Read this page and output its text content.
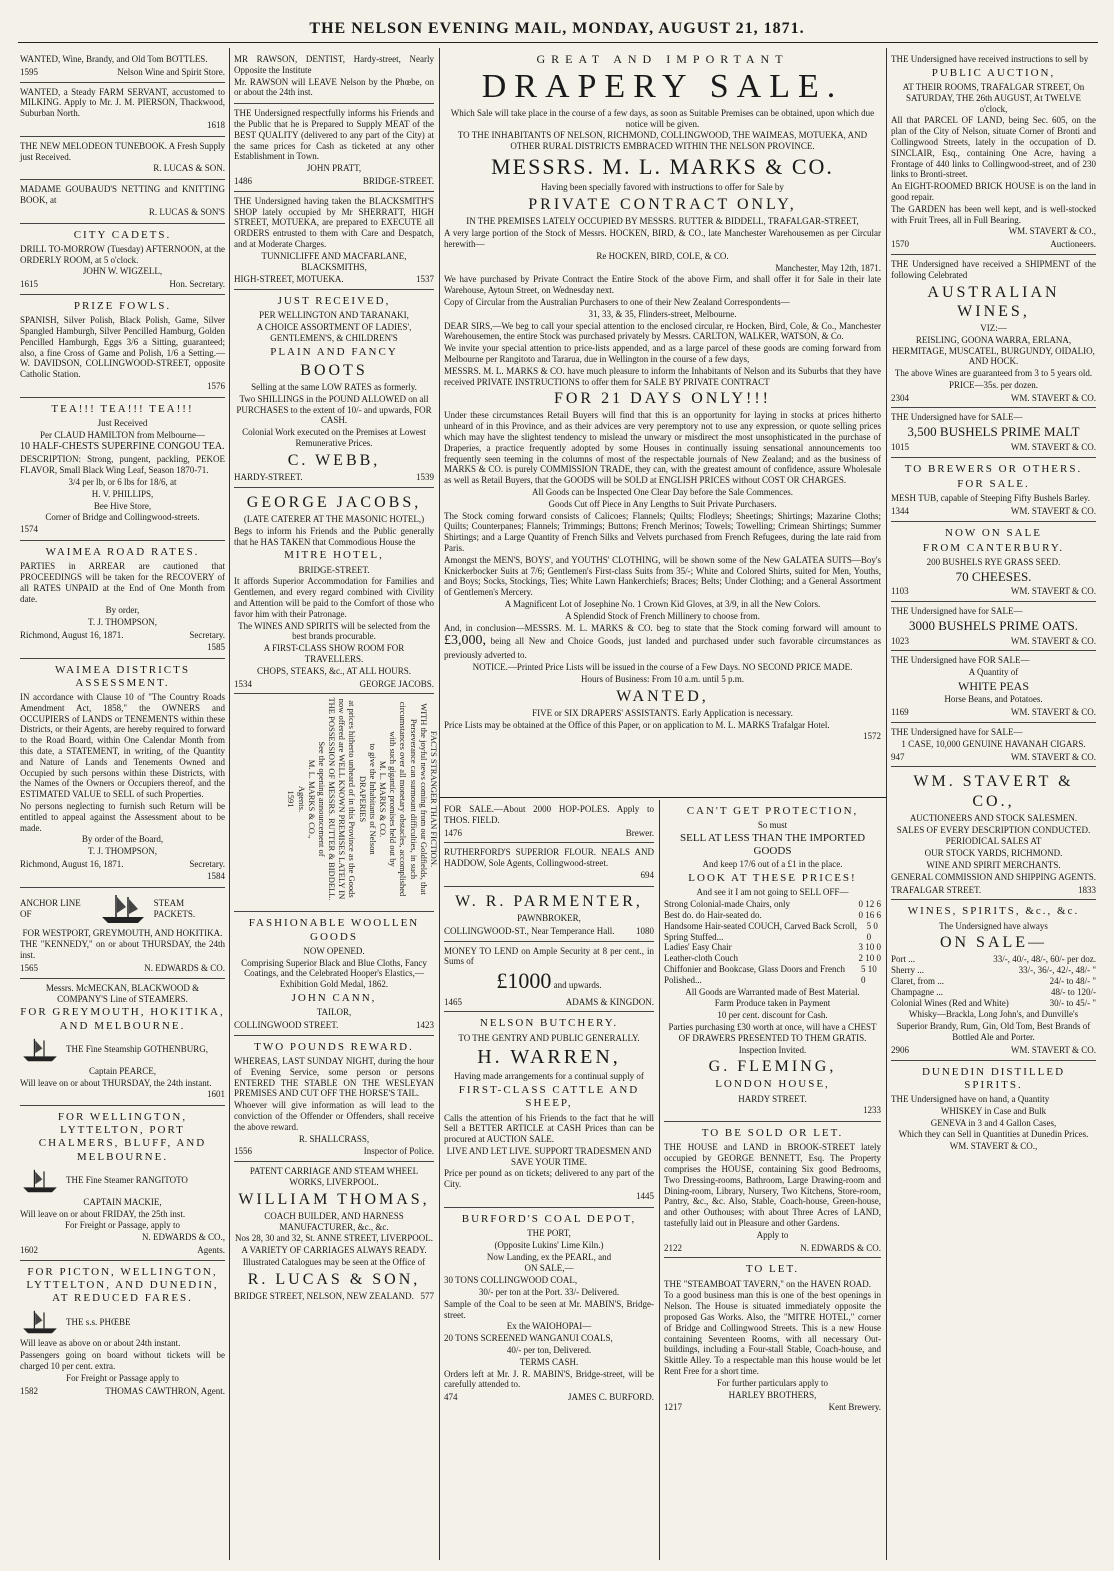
THE NELSON EVENING MAIL, MONDAY, AUGUST 21, 1871.
WANTED, Wine, Brandy, and Old Tom BOTTLES.
1595	Nelson Wine and Spirit Store.
WANTED, a Steady FARM SERVANT, accustomed to MILKING. Apply to Mr. J. M. PIERSON, Thackwood, Suburban North.
1618
THE NEW MELODEON TUNEBOOK. A Fresh Supply just Received.
R. LUCAS & SON.
MADAME GOUBAUD'S NETTING and KNITTING BOOK, at
R. LUCAS & SON'S
CITY CADETS.
DRILL TO-MORROW (Tuesday) AFTERNOON, at the ORDERLY ROOM, at 5 o'clock.
JOHN W. WIGZELL,
1615	Hon. Secretary.
PRIZE FOWLS.
SPANISH, Silver Polish, Black Polish, Game, Silver Spangled Hamburgh, Silver Pencilled Hamburg, Golden Pencilled Hamburgh, Eggs 3/6 a Sitting, guaranteed; also, a fine Cross of Game and Polish, 1/6 a Setting.—W. DAVIDSON, COLLINGWOOD-STREET, opposite Catholic Station.
1576
TEA!!! TEA!!! TEA!!!
Just Received
Per CLAUD HAMILTON from Melbourne—
10 HALF-CHESTS SUPERFINE CONGOU TEA.
DESCRIPTION: Strong, pungent, packling, PEKOE FLAVOR, Small Black Wing Leaf, Season 1870-71.
3/4 per lb, or 6 lbs for 18/6, at
H. V. PHILLIPS,
Bee Hive Store,
Corner of Bridge and Collingwood-streets.
1574
WAIMEA ROAD RATES.
PARTIES in ARREAR are cautioned that PROCEEDINGS will be taken for the RECOVERY of all RATES UNPAID at the End of One Month from date.
By order,
T. J. THOMPSON,
Richmond, August 16, 1871.	Secretary.
1585
WAIMEA DISTRICTS ASSESSMENT.
IN accordance with Clause 10 of "The Country Roads Amendment Act, 1858," the OWNERS and OCCUPIERS of LANDS or TENEMENTS within these Districts, or their Agents, are hereby required to forward to the Road Board, within One Calendar Month from this date, a STATEMENT, in writing, of the Quantity and Nature of Lands and Tenements Owned and Occupied by such persons within these Districts, with the Names of the Owners or Occupiers thereof, and the ESTIMATED VALUE to SELL of such Properties.
No persons neglecting to furnish such Return will be entitled to appeal against the Assessment about to be made.
By order of the Board,
T. J. THOMPSON,
Richmond, August 16, 1871.	Secretary.
1584
ANCHOR LINE OF
STEAM PACKETS.
FOR WESTPORT, GREYMOUTH, AND HOKITIKA.
THE "KENNEDY," on or about THURSDAY, the 24th inst.
1565	N. EDWARDS & CO.
Messrs. McMECKAN, BLACKWOOD & COMPANY'S Line of STEAMERS.
FOR GREYMOUTH, HOKITIKA, AND MELBOURNE.
THE Fine Steamship GOTHENBURG,
Captain PEARCE,
Will leave on or about THURSDAY, the 24th instant.
1601
FOR WELLINGTON, LYTTELTON, PORT CHALMERS, BLUFF, AND MELBOURNE.
THE Fine Steamer RANGITOTO
CAPTAIN MACKIE,
Will leave on or about FRIDAY, the 25th inst.
For Freight or Passage, apply to
N. EDWARDS & CO.,
1602	Agents.
FOR PICTON, WELLINGTON, LYTTELTON, AND DUNEDIN, AT REDUCED FARES.
THE s.s. PHŒBE
Will leave as above on or about 24th instant.
Passengers going on board without tickets will be charged 10 per cent. extra.
For Freight or Passage apply to
1582	THOMAS CAWTHRON, Agent.
MR RAWSON, DENTIST, Hardy-street, Nearly Opposite the Institute
Mr. RAWSON will LEAVE Nelson by the Phœbe, on or about the 24th inst.
THE Undersigned respectfully informs his Friends and the Public that he is Prepared to Supply MEAT of the BEST QUALITY (delivered to any part of the City) at the same prices for Cash as ticketed at any other Establishment in Town.
JOHN PRATT,
1486	BRIDGE-STREET.
THE Undersigned having taken the BLACKSMITH'S SHOP lately occupied by Mr SHERRATT, HIGH STREET, MOTUEKA, are prepared to EXECUTE all ORDERS entrusted to them with Care and Despatch, and at Moderate Charges.
TUNNICLIFFE AND MACFARLANE, BLACKSMITHS,
HIGH-STREET, MOTUEKA.	1537
JUST RECEIVED,
PER WELLINGTON AND TARANAKI,
A CHOICE ASSORTMENT OF LADIES', GENTLEMEN'S, & CHILDREN'S
PLAIN AND FANCY
BOOTS
Selling at the same LOW RATES as formerly.
Two SHILLINGS in the POUND ALLOWED on all PURCHASES to the extent of 10/- and upwards, FOR CASH.
Colonial Work executed on the Premises at Lowest Remunerative Prices.
C. WEBB,
HARDY-STREET.	1539
GEORGE JACOBS,
(LATE CATERER AT THE MASONIC HOTEL,)
Begs to inform his Friends and the Public generally that he HAS TAKEN that Commodious House the
MITRE HOTEL,
BRIDGE-STREET.
It affords Superior Accommodation for Families and Gentlemen, and every regard combined with Civility and Attention will be paid to the Comfort of those who favor him with their Patronage.
The WINES AND SPIRITS will be selected from the best brands procurable.
A FIRST-CLASS SHOW ROOM FOR TRAVELLERS.
CHOPS, STEAKS, &c., AT ALL HOURS.
1534	GEORGE JACOBS.
FACTS STRANGER THAN FICTION.
WITH the joyful news coming from our Goldfields, that Perseverance can surmount difficulties, in such circumstances over all monetary obstacles, accomplished with such gigantic promises held out by
M. L. MARKS & CO.
to give the Inhabitants of Nelson
DRAPERIES
at prices hitherto unheard of in this Province as the Goods now offered are WELL KNOWN PREMISES LATELY IN THE POSSESSION OF MESSRS. RUTTER & BIDDELL.
See the opening announcement of
M. L. MARKS & CO.,
Agents.
1591
FASHIONABLE WOOLLEN GOODS
NOW OPENED.
Comprising Superior Black and Blue Cloths, Fancy Coatings, and the Celebrated Hooper's Elastics,—Exhibition Gold Medal, 1862.
JOHN CANN,
TAILOR,
COLLINGWOOD STREET.	1423
TWO POUNDS REWARD.
WHEREAS, LAST SUNDAY NIGHT, during the hour of Evening Service, some person or persons ENTERED THE STABLE ON THE WESLEYAN PREMISES AND CUT OFF THE HORSE'S TAIL.
Whoever will give information as will lead to the conviction of the Offender or Offenders, shall receive the above reward.
R. SHALLCRASS,
1556	Inspector of Police.
PATENT CARRIAGE AND STEAM WHEEL WORKS, LIVERPOOL.
WILLIAM THOMAS,
COACH BUILDER, AND HARNESS MANUFACTURER, &c., &c.
Nos 28, 30 and 32, St. ANNE STREET, LIVERPOOL.
A VARIETY OF CARRIAGES ALWAYS READY.
Illustrated Catalogues may be seen at the Office of
R. LUCAS & SON,
BRIDGE STREET, NELSON, NEW ZEALAND. 577
GREAT AND IMPORTANT
DRAPERY SALE.
Which Sale will take place in the course of a few days, as soon as Suitable Premises can be obtained, upon which due notice will be given.
TO THE INHABITANTS OF NELSON, RICHMOND, COLLINGWOOD, THE WAIMEAS, MOTUEKA, AND OTHER RURAL DISTRICTS EMBRACED WITHIN THE NELSON PROVINCE.
MESSRS. M. L. MARKS & CO.
Having been specially favored with instructions to offer for Sale by
PRIVATE CONTRACT ONLY,
IN THE PREMISES LATELY OCCUPIED BY MESSRS. RUTTER & BIDDELL, TRAFALGAR-STREET,
A very large portion of the Stock of Messrs. HOCKEN, BIRD, & CO., late Manchester Warehousemen as per Circular herewith—
Re HOCKEN, BIRD, COLE, & CO.
Manchester, May 12th, 1871.
We have purchased by Private Contract the Entire Stock of the above Firm, and shall offer it for Sale in their late Warehouse, Aytoun Street, on Wednesday next.
Copy of Circular from the Australian Purchasers to one of their New Zealand Correspondents—
31, 33, & 35, Flinders-street, Melbourne.
DEAR SIRS,—We beg to call your special attention to the enclosed circular, re Hocken, Bird, Cole, & Co., Manchester Warehousemen, the entire Stock was purchased privately by Messrs. CARLTON, WALKER, WATSON, & Co.
We invite your special attention to price-lists appended, and as a large parcel of these goods are coming forward from Melbourne per Rangitoto and Tararua, due in Wellington in the course of a few days,
MESSRS. M. L. MARKS & CO. have much pleasure to inform the Inhabitants of Nelson and its Suburbs that they have received PRIVATE INSTRUCTIONS to offer them for SALE BY PRIVATE CONTRACT
FOR 21 DAYS ONLY!!!
Under these circumstances Retail Buyers will find that this is an opportunity for laying in stocks at prices hitherto unheard of in this Province, and as their advices are very peremptory not to use any expression, or quote selling prices which may have the slightest tendency to mislead the unwary or misdirect the most unsophisticated in the purchase of Draperies, a practice frequently adopted by some Houses in continually issuing sensational announcements too frequently seen teeming in the columns of most of the respectable journals of New Zealand; and as the business of MARKS & CO. is purely COMMISSION TRADE, they can, with the greatest amount of confidence, assure Wholesale as well as Retail Buyers, that the GOODS will be SOLD at ENGLISH PRICES without COST OR CHARGES.
All Goods can be Inspected One Clear Day before the Sale Commences.
Goods Cut off Piece in Any Lengths to Suit Private Purchasers.
The Stock coming forward consists of Calicoes; Flannels; Quilts; Flodleys; Sheetings; Shirtings; Mazarine Cloths; Quilts; Counterpanes; Flannels; Trimmings; Buttons; French Merinos; Towels; Towelling; Crimean Shirtings; Summer Shirtings; and a Large Quantity of French Silks and Velvets purchased from French Refugees, during the late raid from Paris.
Amongst the MEN'S, BOYS', and YOUTHS' CLOTHING, will be shown some of the New GALATEA SUITS—Boy's Knickerbocker Suits at 7/6; Gentlemen's First-class Suits from 35/-; White and Colored Shirts, suited for Men, Youths, and Boys; Socks, Stockings, Ties; White Lawn Hankerchiefs; Braces; Belts; Under Clothing; and a General Assortment of Gentlemen's Mercery.
A Magnificent Lot of Josephine No. 1 Crown Kid Gloves, at 3/9, in all the New Colors.
A Splendid Stock of French Millinery to choose from.
And, in conclusion—MESSRS. M. L. MARKS & CO. beg to state that the Stock coming forward will amount to £3,000, being all New and Choice Goods, just landed and purchased under such favorable circumstances as previously adverted to.
NOTICE.—Printed Price Lists will be issued in the course of a Few Days. NO SECOND PRICE MADE.
Hours of Business: From 10 a.m. until 5 p.m.
WANTED,
FIVE or SIX DRAPERS' ASSISTANTS. Early Application is necessary.
Price Lists may be obtained at the Office of this Paper, or on application to M. L. MARKS Trafalgar Hotel.
1572
FOR SALE.—About 2000 HOP-POLES. Apply to THOS. FIELD.
1476	Brewer.
RUTHERFORD'S SUPERIOR FLOUR. NEALS AND HADDOW, Sole Agents, Collingwood-street.
694
W. R. PARMENTER,
PAWNBROKER,
COLLINGWOOD-ST., Near Temperance Hall. 1080
MONEY TO LEND on Ample Security at 8 per cent., in Sums of
£1000 and upwards.
1465	ADAMS & KINGDON.
NELSON BUTCHERY.
TO THE GENTRY AND PUBLIC GENERALLY.
H. WARREN,
Having made arrangements for a continual supply of
FIRST-CLASS CATTLE AND SHEEP,
Calls the attention of his Friends to the fact that he will Sell a BETTER ARTICLE at CASH Prices than can be procured at AUCTION SALE.
LIVE AND LET LIVE. SUPPORT TRADESMEN AND SAVE YOUR TIME.
Price per pound as on tickets; delivered to any part of the City.
1445
BURFORD'S COAL DEPOT,
THE PORT,
(Opposite Lukins' Lime Kiln.)
Now Landing, ex the PEARL, and
ON SALE,—
30 TONS COLLINGWOOD COAL,
30/- per ton at the Port. 33/- Delivered.
Sample of the Coal to be seen at Mr. MABIN'S, Bridge-street.
Ex the WAIOHOPAI—
20 TONS SCREENED WANGANUI COALS,
40/- per ton, Delivered.
TERMS CASH.
Orders left at Mr. J. R. MABIN'S, Bridge-street, will be carefully attended to.
474	JAMES C. BURFORD.
CAN'T GET PROTECTION,
So must
SELL AT LESS THAN THE IMPORTED GOODS
And keep 17/6 out of a £1 in the place.
LOOK AT THESE PRICES!
And see it I am not going to SELL OFF—
Strong Colonial-made Chairs, only	0 12 6
Best do. do Hair-seated do.	0 16 6
Handsome Hair-seated COUCH, Carved Back Scroll, Spring Stuffed...
5 0 0
Ladies' Easy Chair	3 10 0
Leather-cloth Couch	2 10 0
Chiffonier and Bookcase, Glass Doors and French Polished...
5 10 0
All Goods are Warranted made of Best Material.
Farm Produce taken in Payment
10 per cent. discount for Cash.
Parties purchasing £30 worth at once, will have a CHEST OF DRAWERS PRESENTED TO THEM GRATIS.
Inspection Invited.
G. FLEMING,
LONDON HOUSE,
HARDY STREET.
1233
TO BE SOLD OR LET.
THE HOUSE and LAND in BROOK-STREET lately occupied by GEORGE BENNETT, Esq. The Property comprises the HOUSE, containing Six good Bedrooms, Two Dressing-rooms, Bathroom, Large Drawing-room and Dining-room, Library, Nursery, Two Kitchens, Store-room, Pantry, &c., &c. Also, Stable, Coach-house, Green-house, and other Outhouses; with about Three Acres of LAND, tastefully laid out in Pleasure and other Gardens.
Apply to
2122	N. EDWARDS & CO.
TO LET.
THE "STEAMBOAT TAVERN," on the HAVEN ROAD.
To a good business man this is one of the best openings in Nelson. The House is situated immediately opposite the proposed Gas Works. Also, the "MITRE HOTEL," corner of Bridge and Collingwood Streets. This is a new House containing Seventeen Rooms, with all necessary Out-buildings, including a Four-stall Stable, Coach-house, and Skittle Alley. To a respectable man this house would be let Rent Free for a short time.
For further particulars apply to
HARLEY BROTHERS,
1217	Kent Brewery.
THE Undersigned have received instructions to sell by
PUBLIC AUCTION,
AT THEIR ROOMS, TRAFALGAR STREET, On SATURDAY, THE 26th AUGUST, At TWELVE o'clock,
All that PARCEL OF LAND, being Sec. 605, on the plan of the City of Nelson, situate Corner of Bronti and Collingwood Streets, lately in the occupation of D. SINCLAIR, Esq., containing One Acre, having a Frontage of 440 links to Collingwood-street, and of 230 links to Bronti-street.
An EIGHT-ROOMED BRICK HOUSE is on the land in good repair.
The GARDEN has been well kept, and is well-stocked with Fruit Trees, all in Full Bearing.
WM. STAVERT & CO.,
1570	Auctioneers.
THE Undersigned have received a SHIPMENT of the following Celebrated
AUSTRALIAN WINES,
VIZ:—
REISLING, GOONA WARRA, ERLANA, HERMITAGE, MUSCATEL, BURGUNDY, OIDALIO, AND HOCK.
The above Wines are guaranteed from 3 to 5 years old.
PRICE—35s. per dozen.
2304	WM. STAVERT & CO.
THE Undersigned have for SALE—
3,500 BUSHELS PRIME MALT
1015	WM. STAVERT & CO.
TO BREWERS OR OTHERS.
FOR SALE.
MESH TUB, capable of Steeping Fifty Bushels Barley.
1344	WM. STAVERT & CO.
NOW ON SALE
FROM CANTERBURY.
200 BUSHELS RYE GRASS SEED.
70 CHEESES.
1103	WM. STAVERT & CO.
THE Undersigned have for SALE—
3000 BUSHELS PRIME OATS.
1023	WM. STAVERT & CO.
THE Undersigned have FOR SALE—
A Quantity of
WHITE PEAS
Horse Beans, and Potatoes.
1169	WM. STAVERT & CO.
THE Undersigned have for SALE—
1 CASE, 10,000 GENUINE HAVANAH CIGARS.
947	WM. STAVERT & CO.
WM. STAVERT & CO.,
AUCTIONEERS AND STOCK SALESMEN.
SALES OF EVERY DESCRIPTION CONDUCTED.
PERIODICAL SALES AT
OUR STOCK YARDS, RICHMOND.
WINE AND SPIRIT MERCHANTS.
GENERAL COMMISSION AND SHIPPING AGENTS.
TRAFALGAR STREET.	1833
WINES, SPIRITS, &c., &c.
The Undersigned have always
ON SALE—
Port ...	33/-, 40/-, 48/-, 60/- per doz.
Sherry ...	33/-, 36/-, 42/-, 48/- "
Claret, from ...	24/- to 48/- "
Champagne ...	48/- to 120/-
Colonial Wines (Red and White)	30/- to 45/- "
Whisky—Brackla, Long John's, and Dunville's
Superior Brandy, Rum, Gin, Old Tom, Best Brands of Bottled Ale and Porter.
2906	WM. STAVERT & CO.
DUNEDIN DISTILLED SPIRITS.
THE Undersigned have on hand, a Quantity
WHISKEY in Case and Bulk
GENEVA in 3 and 4 Gallon Cases,
Which they can Sell in Quantities at Dunedin Prices.
WM. STAVERT & CO.,
